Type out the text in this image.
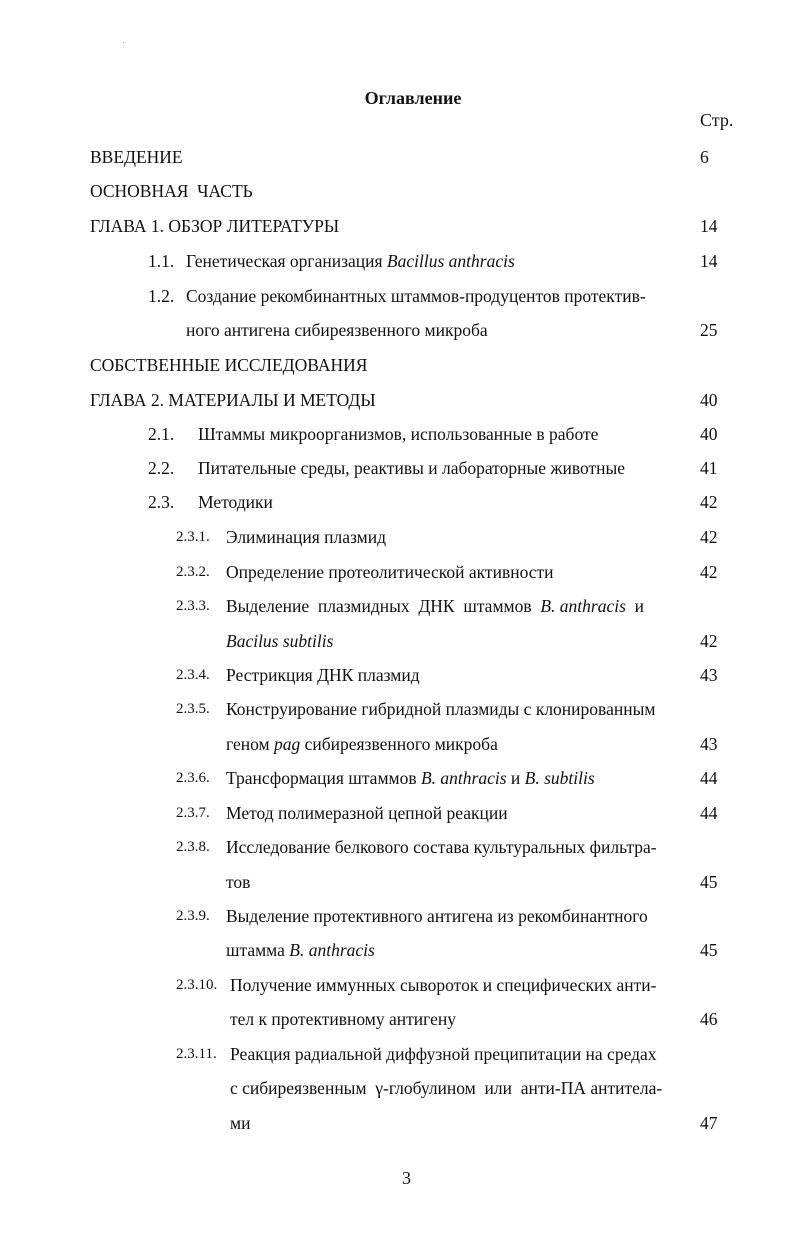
Оглавление
Стр.
ВВЕДЕНИЕ	6
ОСНОВНАЯ  ЧАСТЬ
ГЛАВА 1. ОБЗОР ЛИТЕРАТУРЫ	14
1.1. Генетическая организация Bacillus anthracis	14
1.2. Создание рекомбинантных штаммов-продуцентов протектив-
ного антигена сибиреязвенного микроба	25
СОБСТВЕННЫЕ ИССЛЕДОВАНИЯ
ГЛАВА 2. МАТЕРИАЛЫ И МЕТОДЫ	40
2.1. Штаммы микроорганизмов, использованные в работе	40
2.2. Питательные среды, реактивы и лабораторные животные	41
2.3. Методики	42
2.3.1. Элиминация плазмид	42
2.3.2. Определение протеолитической активности	42
2.3.3. Выделение  плазмидных  ДНК  штаммов  B. anthracis  и
Bacilus subtilis	42
2.3.4. Рестрикция ДНК плазмид	43
2.3.5. Конструирование гибридной плазмиды с клонированным
геном pag сибиреязвенного микроба	43
2.3.6. Трансформация штаммов B. anthracis и B. subtilis	44
2.3.7. Метод полимеразной цепной реакции	44
2.3.8. Исследование белкового состава культуральных фильтра-
тов	45
2.3.9. Выделение протективного антигена из рекомбинантного
штамма B. anthracis	45
2.3.10. Получение иммунных сывороток и специфических анти-
тел к протективному антигену	46
2.3.11. Реакция радиальной диффузной преципитации на средах
с сибиреязвенным  γ-глобулином  или  анти-ПА антитела-
ми	47
3
